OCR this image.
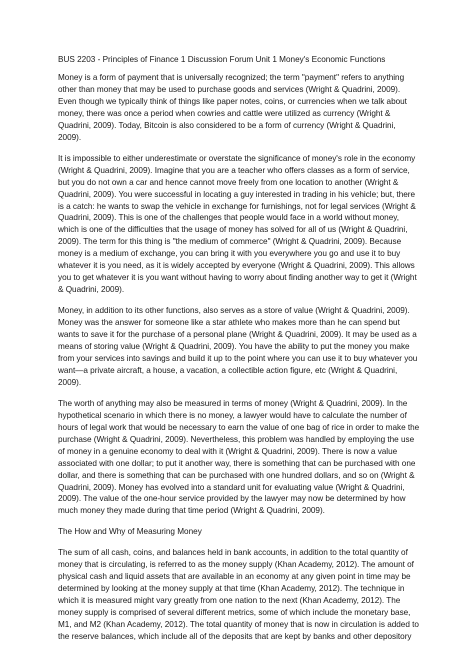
BUS 2203 - Principles of Finance 1 Discussion Forum Unit 1 Money's Economic Functions
Money is a form of payment that is universally recognized; the term "payment" refers to anything other than money that may be used to purchase goods and services (Wright & Quadrini, 2009). Even though we typically think of things like paper notes, coins, or currencies when we talk about money, there was once a period when cowries and cattle were utilized as currency (Wright & Quadrini, 2009). Today, Bitcoin is also considered to be a form of currency (Wright & Quadrini, 2009).
It is impossible to either underestimate or overstate the significance of money's role in the economy (Wright & Quadrini, 2009). Imagine that you are a teacher who offers classes as a form of service, but you do not own a car and hence cannot move freely from one location to another (Wright & Quadrini, 2009). You were successful in locating a guy interested in trading in his vehicle; but, there is a catch: he wants to swap the vehicle in exchange for furnishings, not for legal services (Wright & Quadrini, 2009). This is one of the challenges that people would face in a world without money, which is one of the difficulties that the usage of money has solved for all of us (Wright & Quadrini, 2009). The term for this thing is "the medium of commerce" (Wright & Quadrini, 2009). Because money is a medium of exchange, you can bring it with you everywhere you go and use it to buy whatever it is you need, as it is widely accepted by everyone (Wright & Quadrini, 2009). This allows you to get whatever it is you want without having to worry about finding another way to get it (Wright & Quadrini, 2009).
Money, in addition to its other functions, also serves as a store of value (Wright & Quadrini, 2009). Money was the answer for someone like a star athlete who makes more than he can spend but wants to save it for the purchase of a personal plane (Wright & Quadrini, 2009). It may be used as a means of storing value (Wright & Quadrini, 2009). You have the ability to put the money you make from your services into savings and build it up to the point where you can use it to buy whatever you want—a private aircraft, a house, a vacation, a collectible action figure, etc (Wright & Quadrini, 2009).
The worth of anything may also be measured in terms of money (Wright & Quadrini, 2009). In the hypothetical scenario in which there is no money, a lawyer would have to calculate the number of hours of legal work that would be necessary to earn the value of one bag of rice in order to make the purchase (Wright & Quadrini, 2009). Nevertheless, this problem was handled by employing the use of money in a genuine economy to deal with it (Wright & Quadrini, 2009). There is now a value associated with one dollar; to put it another way, there is something that can be purchased with one dollar, and there is something that can be purchased with one hundred dollars, and so on (Wright & Quadrini, 2009). Money has evolved into a standard unit for evaluating value (Wright & Quadrini, 2009). The value of the one-hour service provided by the lawyer may now be determined by how much money they made during that time period (Wright & Quadrini, 2009).
The How and Why of Measuring Money
The sum of all cash, coins, and balances held in bank accounts, in addition to the total quantity of money that is circulating, is referred to as the money supply (Khan Academy, 2012). The amount of physical cash and liquid assets that are available in an economy at any given point in time may be determined by looking at the money supply at that time (Khan Academy, 2012). The technique in which it is measured might vary greatly from one nation to the next (Khan Academy, 2012). The money supply is comprised of several different metrics, some of which include the monetary base, M1, and M2 (Khan Academy, 2012). The total quantity of money that is now in circulation is added to the reserve balances, which include all of the deposits that are kept by banks and other depository
